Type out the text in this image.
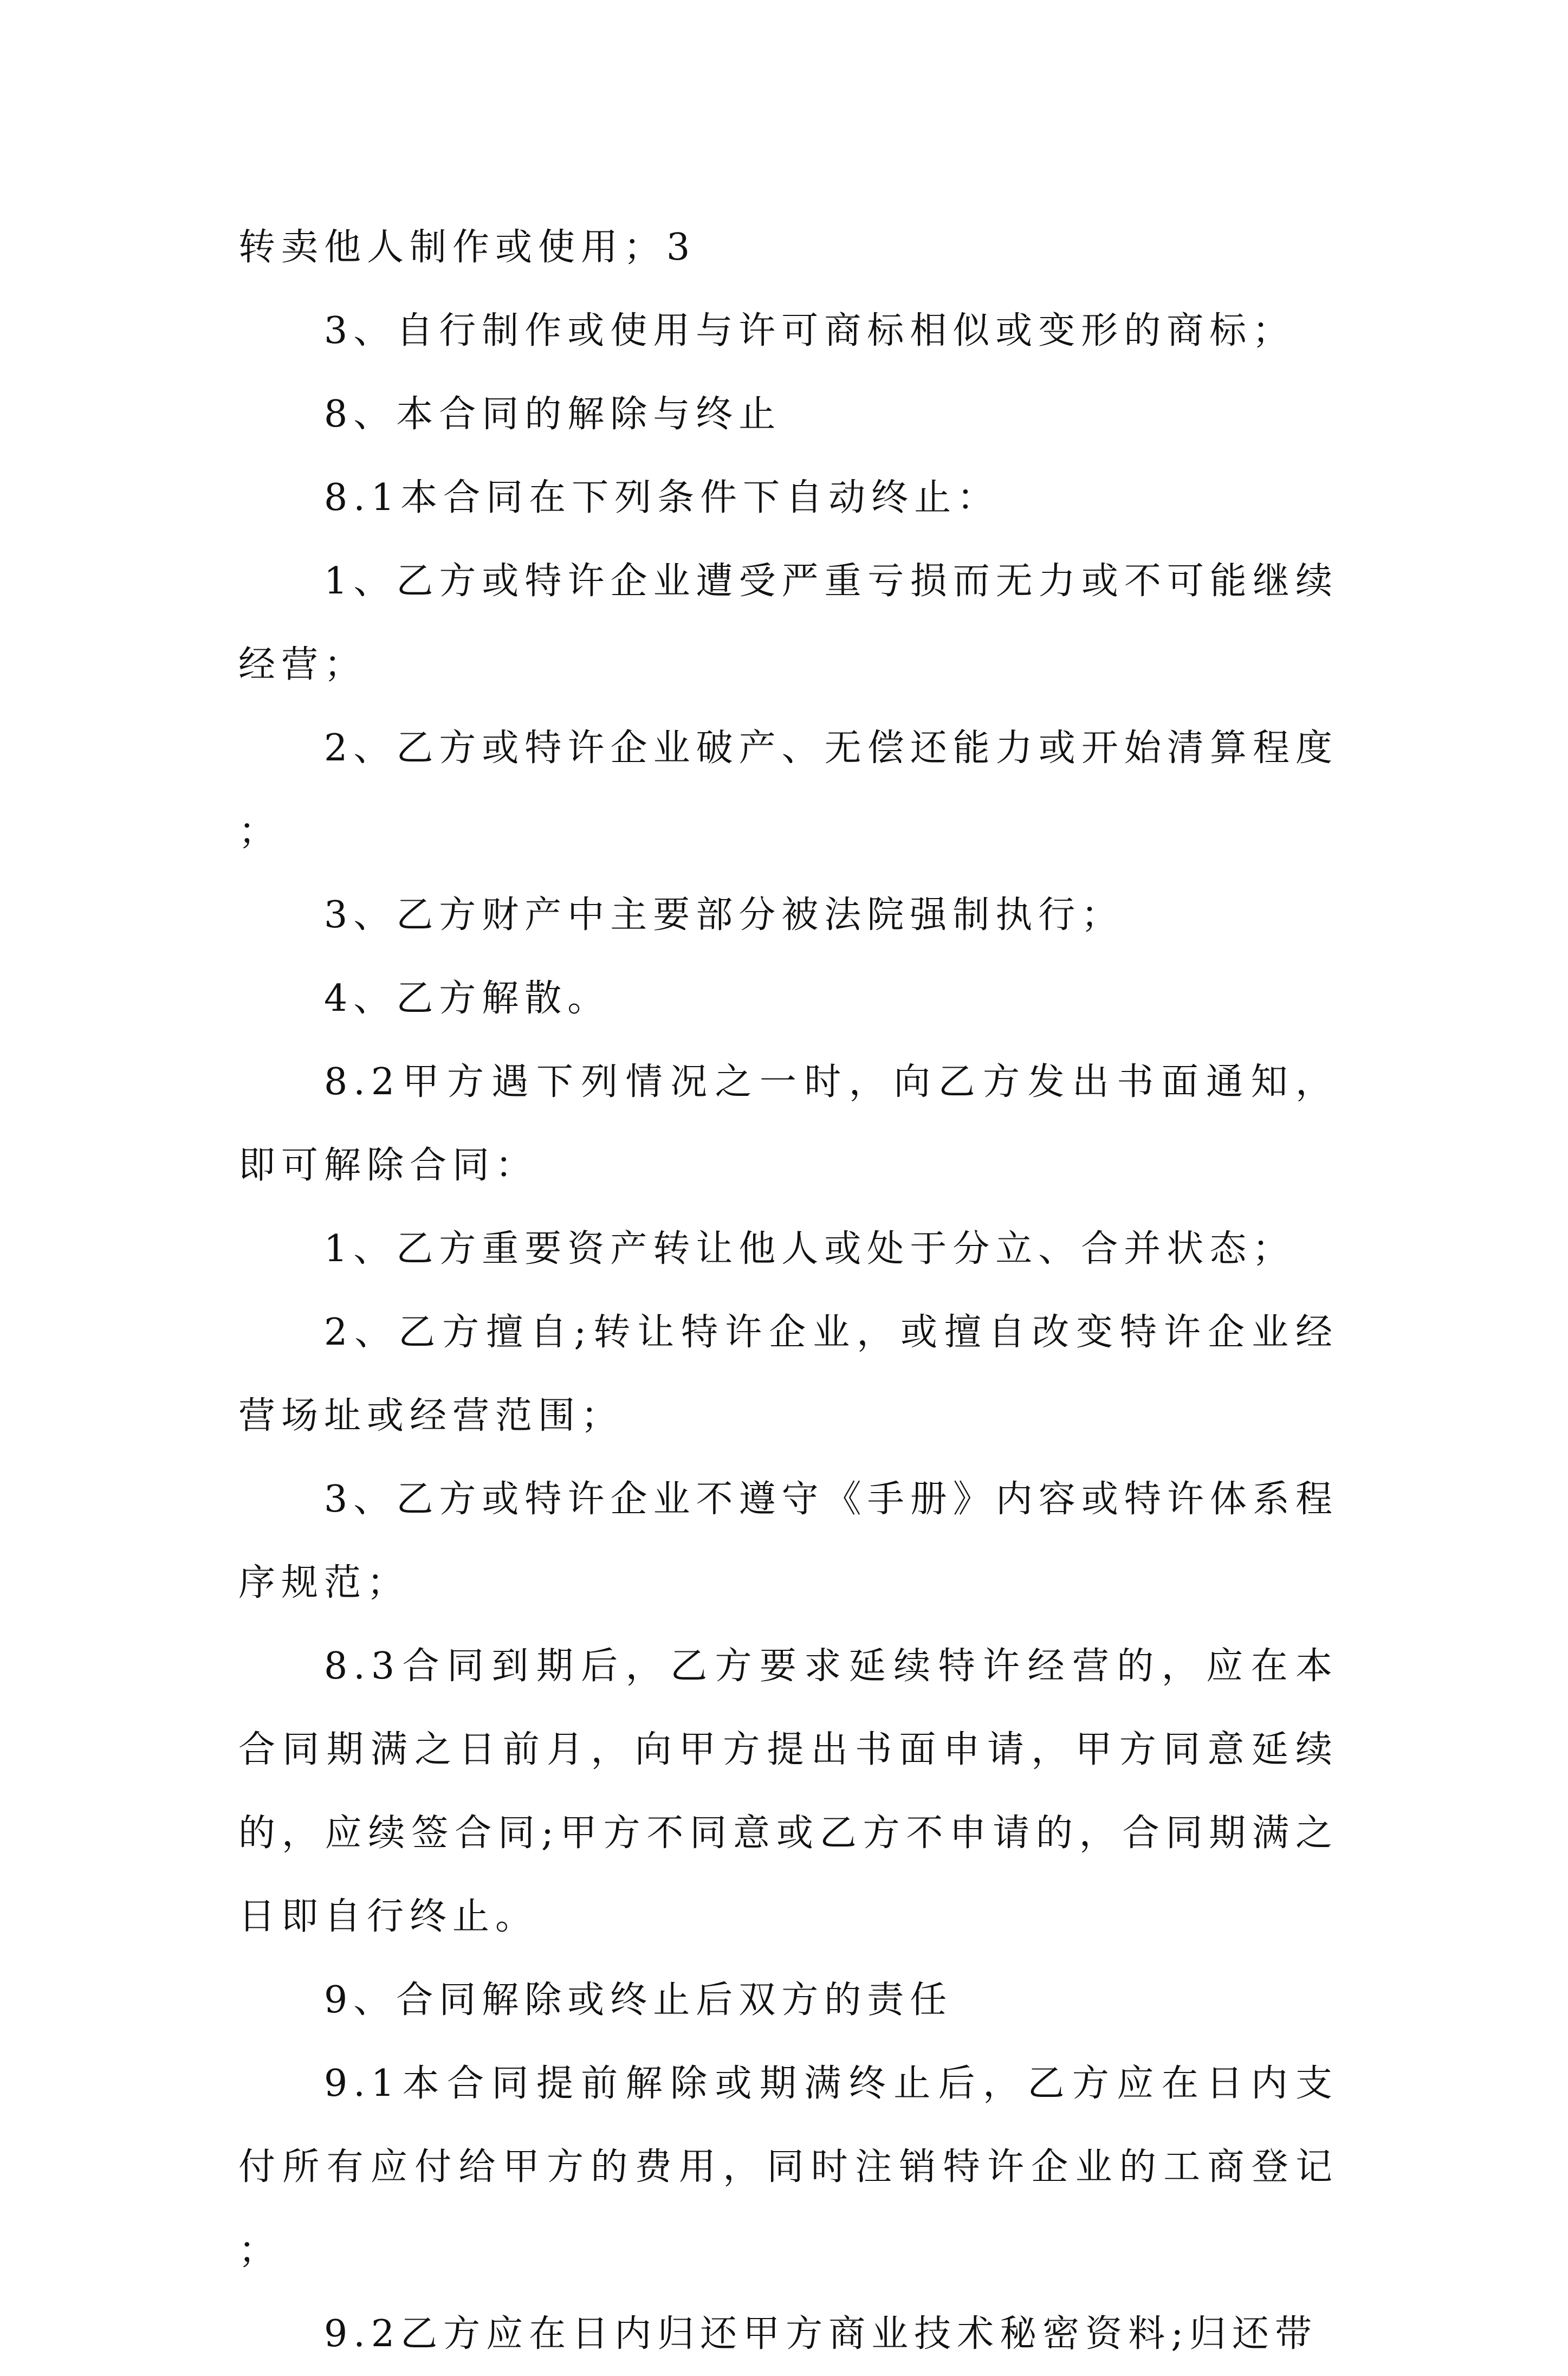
转卖他人制作或使用；3

3、自行制作或使用与许可商标相似或变形的商标；

8、本合同的解除与终止

8.1本合同在下列条件下自动终止：

1、乙方或特许企业遭受严重亏损而无力或不可能继续经营；

2、乙方或特许企业破产、无偿还能力或开始清算程度；

3、乙方财产中主要部分被法院强制执行；

4、乙方解散。

8.2甲方遇下列情况之一时，向乙方发出书面通知，即可解除合同：

1、乙方重要资产转让他人或处于分立、合并状态；

2、乙方擅自;转让特许企业，或擅自改变特许企业经营场址或经营范围；

3、乙方或特许企业不遵守《手册》内容或特许体系程序规范；

8.3合同到期后，乙方要求延续特许经营的，应在本合同期满之日前月，向甲方提出书面申请，甲方同意延续的，应续签合同;甲方不同意或乙方不申请的，合同期满之日即自行终止。

9、合同解除或终止后双方的责任

9.1本合同提前解除或期满终止后，乙方应在日内支付所有应付给甲方的费用，同时注销特许企业的工商登记；

9.2乙方应在日内归还甲方商业技术秘密资料;归还带
